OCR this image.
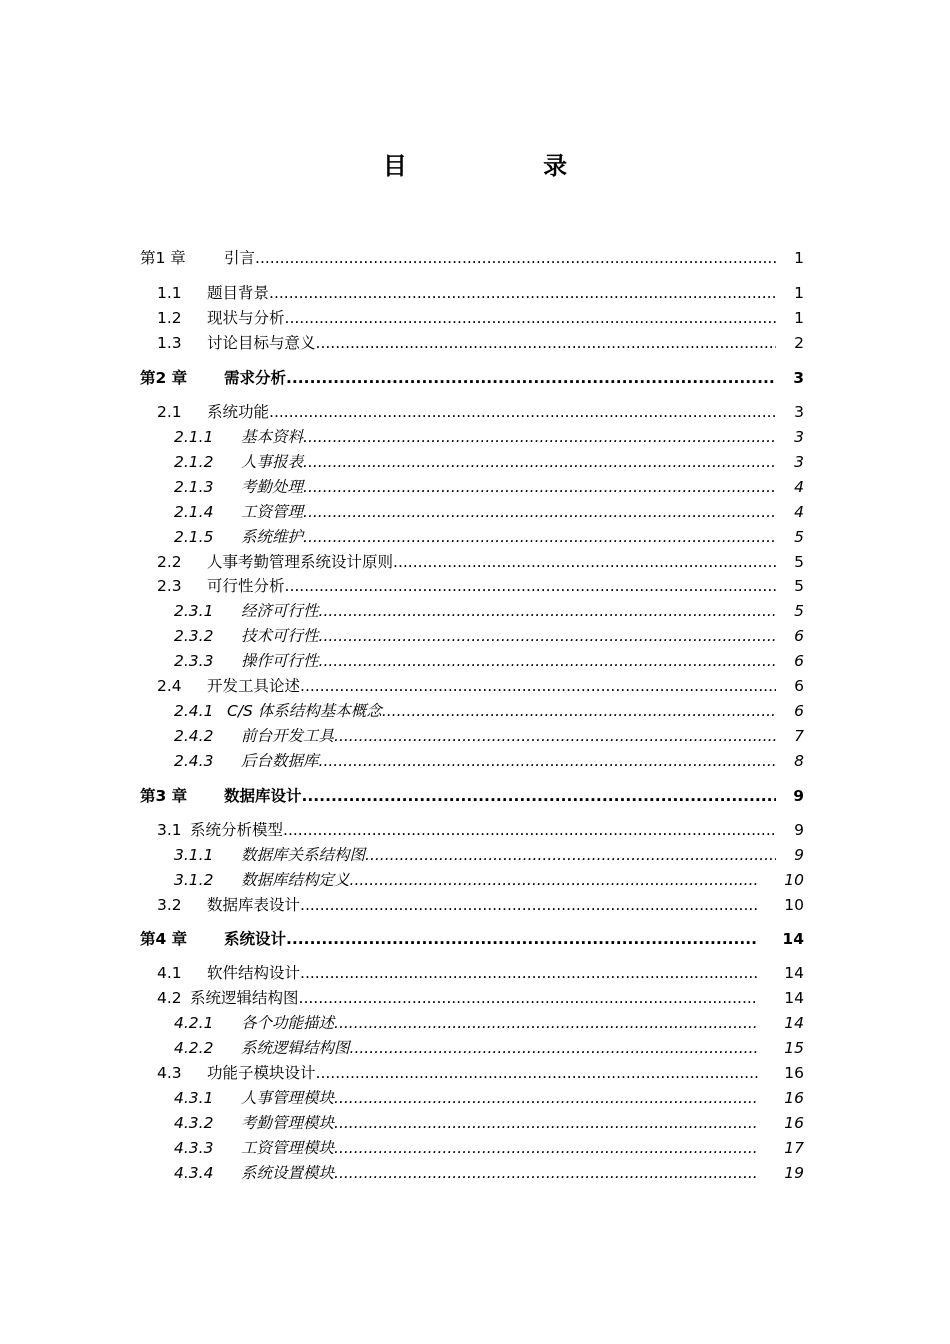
目 录
第1 章 引言 .....	1
1.1 题目背景 .....	1
1.2 现状与分析 .....	1
1.3 讨论目标与意义 .....	2
第2 章 需求分析 .....	3
2.1 系统功能 .....	3
2.1.1 基本资料 .....	3
2.1.2 人事报表 .....	3
2.1.3 考勤处理 .....	4
2.1.4 工资管理 .....	4
2.1.5 系统维护 .....	5
2.2 人事考勤管理系统设计原则 .....	5
2.3 可行性分析 .....	5
2.3.1 经济可行性 .....	5
2.3.2 技术可行性 .....	6
2.3.3 操作可行性 .....	6
2.4 开发工具论述 .....	6
2.4.1 C/S 体系结构基本概念 .....	6
2.4.2 前台开发工具 .....	7
2.4.3 后台数据库 .....	8
第3 章 数据库设计 .....	9
3.1 系统分析模型 .....	9
3.1.1 数据库关系结构图 .....	9
3.1.2 数据库结构定义 .....	10
3.2 数据库表设计 .....	10
第4 章 系统设计 .....	14
4.1 软件结构设计 .....	14
4.2 系统逻辑结构图 .....	14
4.2.1 各个功能描述 .....	14
4.2.2 系统逻辑结构图 .....	15
4.3 功能子模块设计 .....	16
4.3.1 人事管理模块 .....	16
4.3.2 考勤管理模块 .....	16
4.3.3 工资管理模块 .....	17
4.3.4 系统设置模块 .....	19
